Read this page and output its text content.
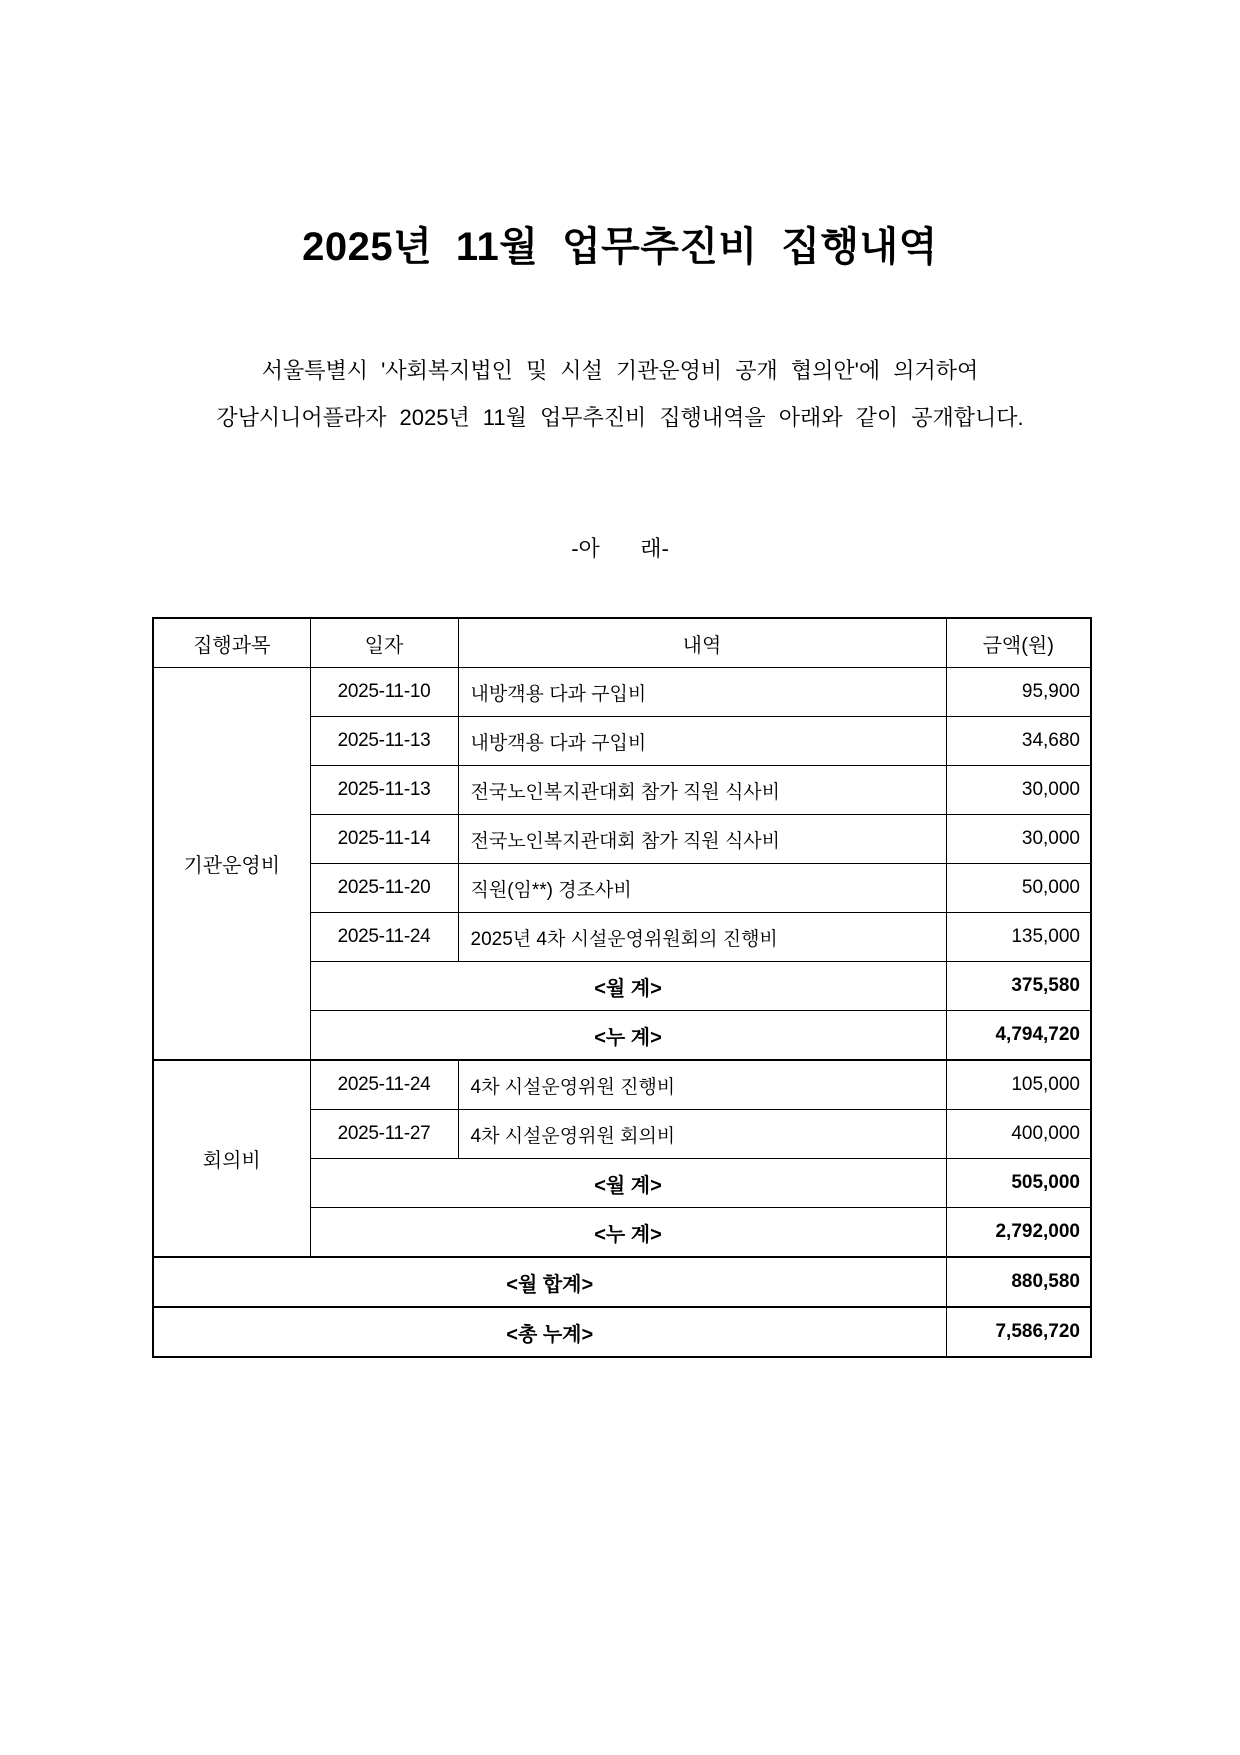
2025년 11월 업무추진비 집행내역
서울특별시 '사회복지법인 및 시설 기관운영비 공개 협의안'에 의거하여
강남시니어플라자 2025년 11월 업무추진비 집행내역을 아래와 같이 공개합니다.
-아    래-
집행과목	일자	내역	금액(원)
기관운영비	2025-11-10	내방객용 다과 구입비	95,900
	2025-11-13	내방객용 다과 구입비	34,680
	2025-11-13	전국노인복지관대회 참가 직원 식사비	30,000
	2025-11-14	전국노인복지관대회 참가 직원 식사비	30,000
	2025-11-20	직원(임**) 경조사비	50,000
	2025-11-24	2025년 4차 시설운영위원회의 진행비	135,000
	<월 계>		375,580
	<누 계>		4,794,720
회의비	2025-11-24	4차 시설운영위원 진행비	105,000
	2025-11-27	4차 시설운영위원 회의비	400,000
	<월 계>		505,000
	<누 계>		2,792,000
<월 합계>			880,580
<총 누계>			7,586,720
